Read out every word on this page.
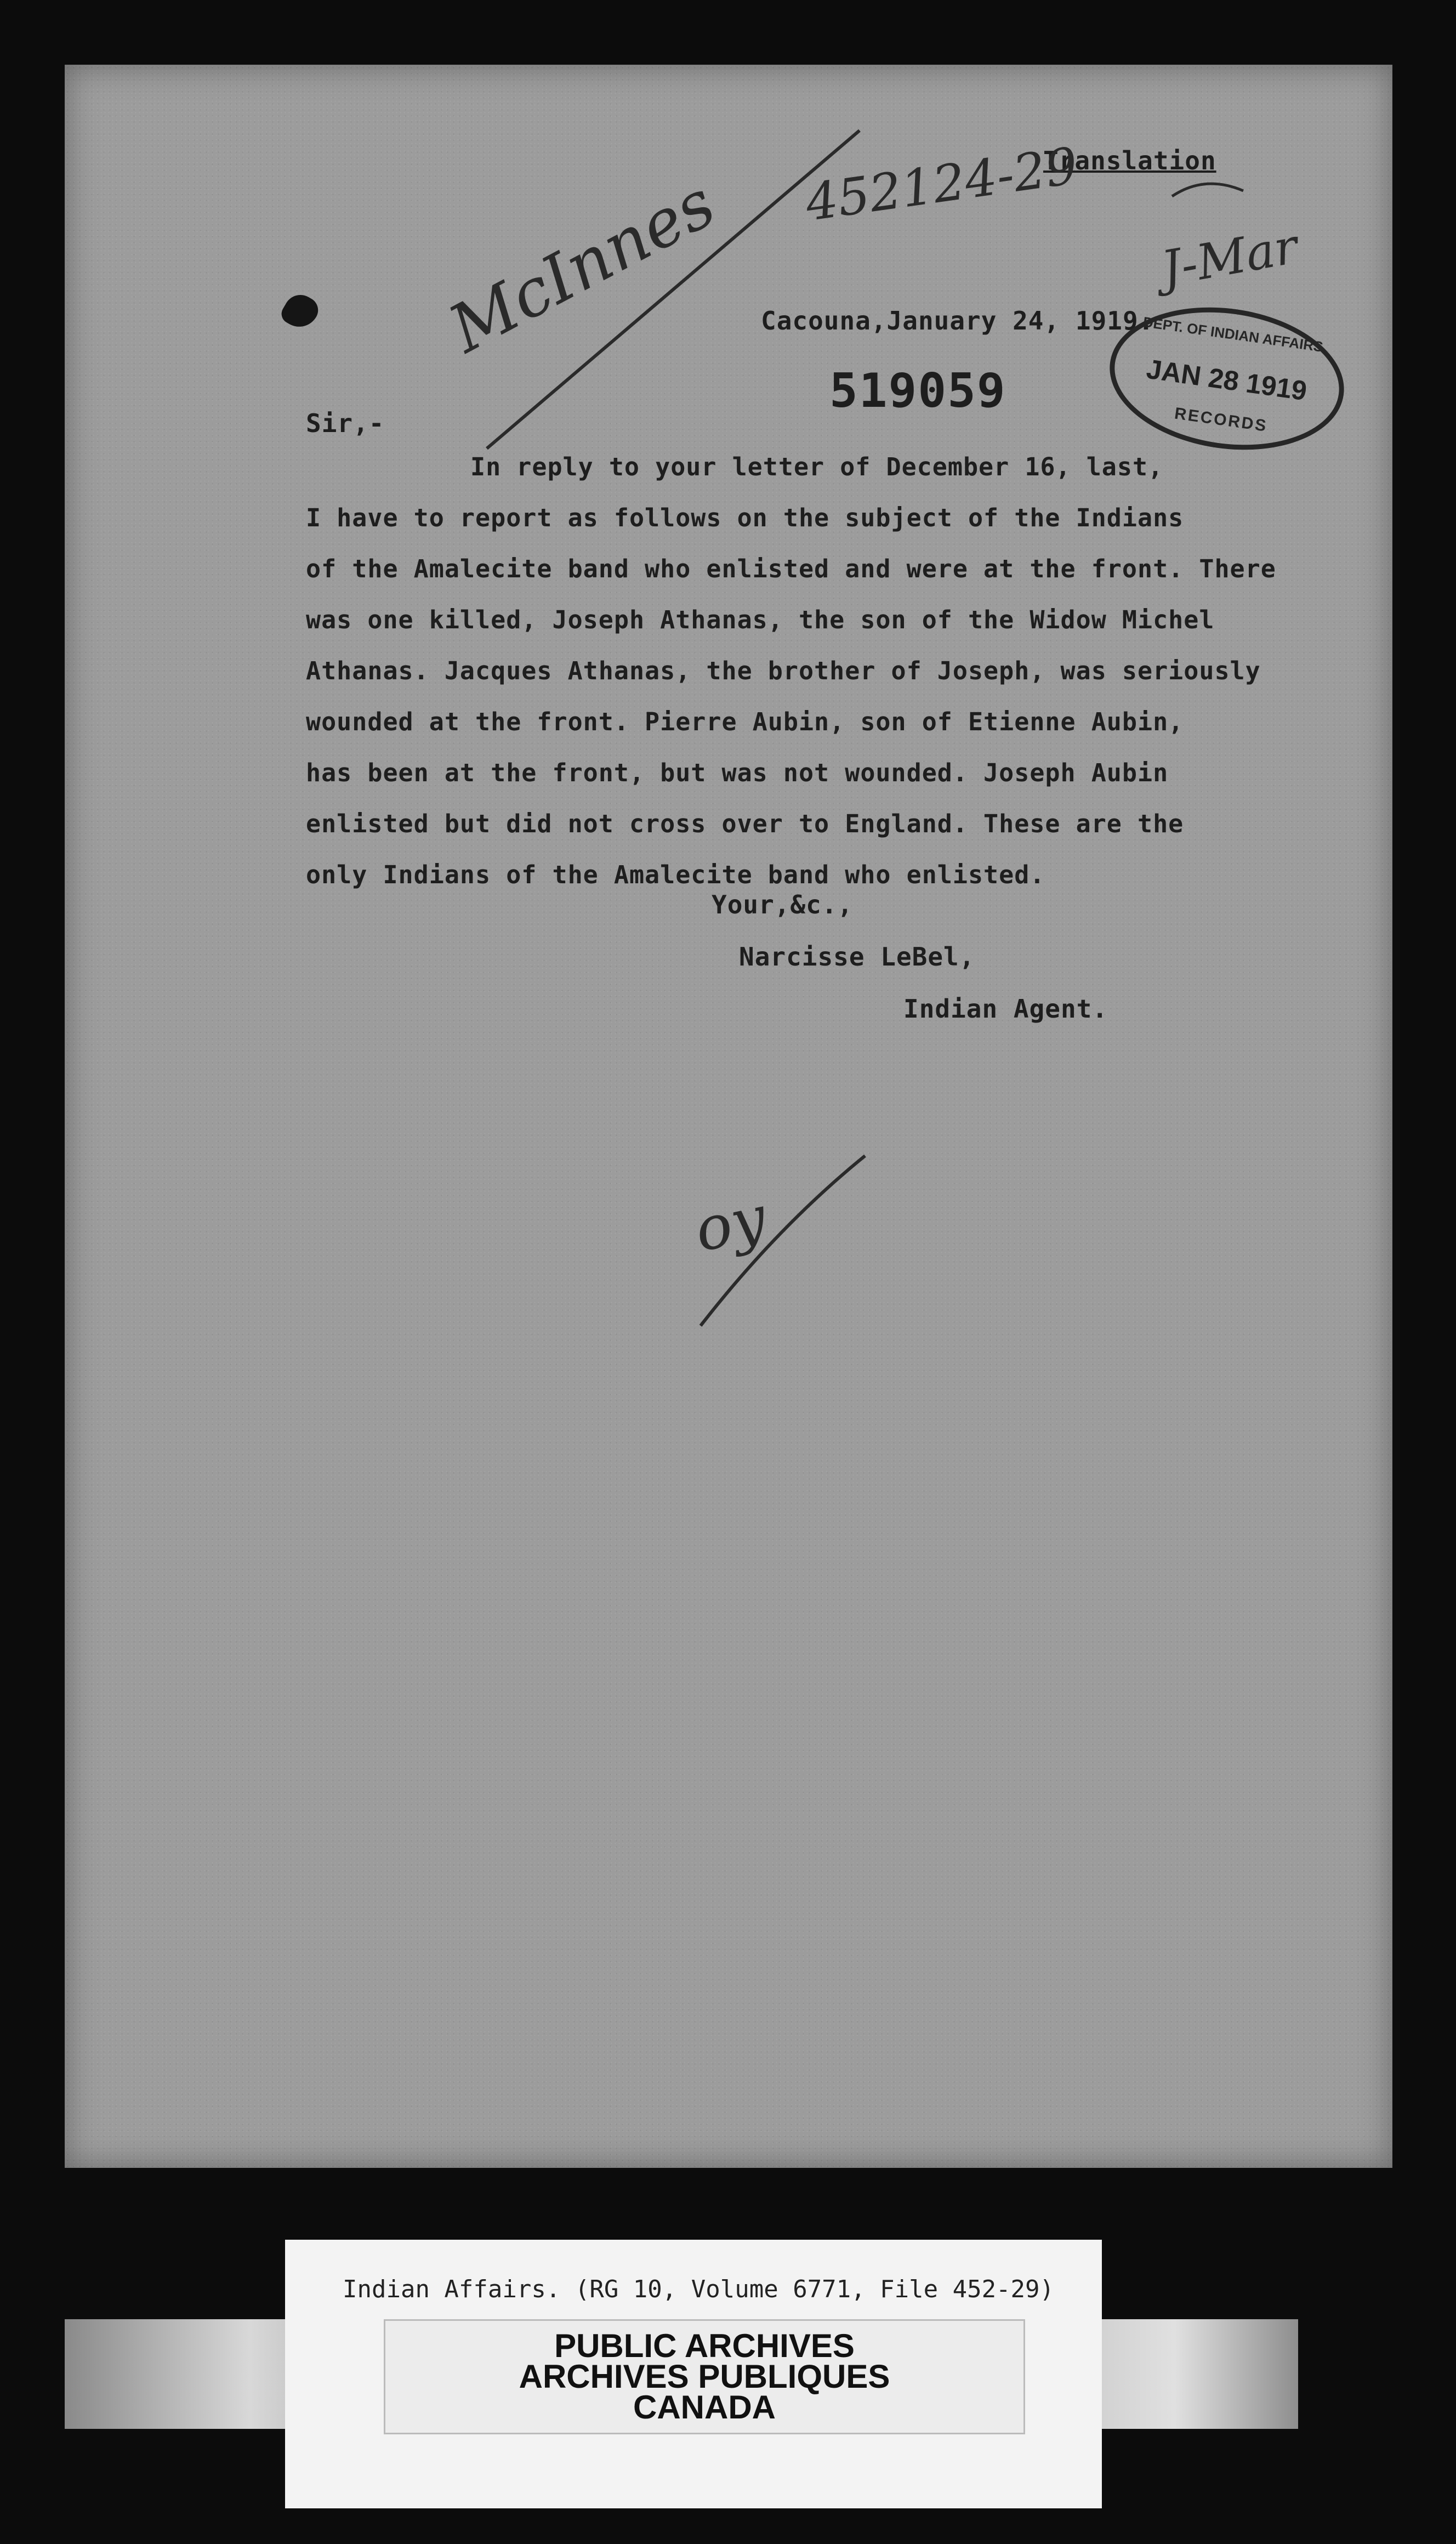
Translation
452124-29
J-Mar
McInnes Cacouna,January 24, 1919.
519059
DEPT. OF INDIAN AFFAIRS
JAN 28 1919
RECORDS
Sir,-
In reply to your letter of December 16, last,
I have to report as follows on the subject of the Indians
of the Amalecite band who enlisted and were at the front. There
was one killed, Joseph Athanas, the son of the Widow Michel
Athanas. Jacques Athanas, the brother of Joseph, was seriously
wounded at the front. Pierre Aubin, son of Etienne Aubin,
has been at the front, but was not wounded. Joseph Aubin
enlisted but did not cross over to England. These are the
only Indians of the Amalecite band who enlisted.
Your,&c.,
Narcisse LeBel,
Indian Agent.
oy
Indian Affairs. (RG 10, Volume 6771, File 452-29)
PUBLIC ARCHIVES
ARCHIVES PUBLIQUES
CANADA
